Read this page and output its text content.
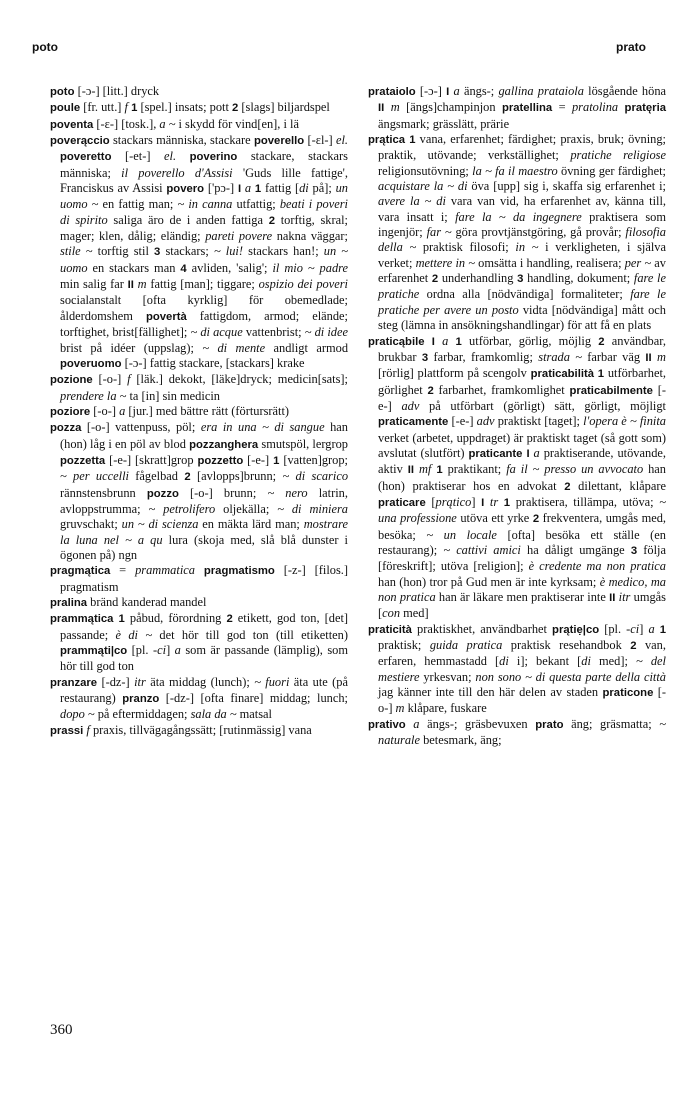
poto	prato

poto [-ɔ-] [litt.] dryck

poule [fr. utt.] f 1 [spel.] insats; pott 2 [slags] biljardspel

poventa [-ɛ-] [tosk.], a ~ i skydd för vind[en], i lä

poverąccio stackars människa, stackare poverello [-ɛl-] el. poveretto [-et-] el. poverino stackare, stackars människa; il poverello d'Assisi 'Guds lille fattige', Franciskus av Assisi povero ['pɔ-] I a 1 fattig [di på]; un uomo ~ en fattig man; ~ in canna utfattig; beati i poveri di spirito saliga äro de i anden fattiga 2 torftig, skral; mager; klen, dålig; eländig; pareti povere nakna väggar; stile ~ torftig stil 3 stackars; ~ lui! stackars han!; un ~ uomo en stackars man 4 avliden, 'salig'; il mio ~ padre min salig far II m fattig [man]; tiggare; ospizio dei poveri socialanstalt [ofta kyrklig] för obemedlade; ålderdomshem povertà fattigdom, armod; elände; torftighet, brist[fällighet]; ~ di acque vattenbrist; ~ di idee brist på idéer (uppslag); ~ di mente andligt armod poveruomo [-ɔ-] fattig stackare, [stackars] krake

pozione [-o-] f [läk.] dekokt, [läke]dryck; medicin[sats]; prendere la ~ ta [in] sin medicin

poziore [-o-] a [jur.] med bättre rätt (förtursrätt)

pozza [-o-] vattenpuss, pöl; era in una ~ di sangue han (hon) låg i en pöl av blod pozzanghera smutspöl, lergrop pozzetta [-e-] [skratt]grop pozzetto [-e-] 1 [vatten]grop; ~ per uccelli fågelbad 2 [avlopps]brunn; ~ di scarico rännstensbrunn pozzo [-o-] brunn; ~ nero latrin, avloppstrumma; ~ petrolifero oljekälla; ~ di miniera gruvschakt; un ~ di scienza en mäkta lärd man; mostrare la luna nel ~ a qu lura (skoja med, slå blå dunster i ögonen på) ngn

pragmątica = prammatica pragmatismo [-z-] [filos.] pragmatism

pralina bränd kanderad mandel

prammątica 1 påbud, förordning 2 etikett, god ton, [det] passande; è di ~ det hör till god ton (till etiketten) prammąti|co [pl. -ci] a som är passande (lämplig), som hör till god ton

pranzare [-dz-] itr äta middag (lunch); ~ fuori äta ute (på restaurang) pranzo [-dz-] [ofta finare] middag; lunch; dopo ~ på eftermiddagen; sala da ~ matsal

prassi f praxis, tillvägagångssätt; [rutinmässig] vana

prataiolo [-ɔ-] I a ängs-; gallina prataiola lösgående höna II m [ängs]champinjon pratellina = pratolina pratęria ängsmark; grässlätt, prärie

prątica 1 vana, erfarenhet; färdighet; praxis, bruk; övning; praktik, utövande; verkställighet; pratiche religiose religionsutövning; la ~ fa il maestro övning ger färdighet; acquistare la ~ di öva [upp] sig i, skaffa sig erfarenhet i; avere la ~ di vara van vid, ha erfarenhet av, känna till, vara insatt i; fare la ~ da ingegnere praktisera som ingenjör; far ~ göra provtjänstgöring, gå provår; filosofia della ~ praktisk filosofi; in ~ i verkligheten, i själva verket; mettere in ~ omsätta i handling, realisera; per ~ av erfarenhet 2 underhandling 3 handling, dokument; fare le pratiche ordna alla [nödvändiga] formaliteter; fare le pratiche per avere un posto vidta [nödvändiga] mått och steg (lämna in ansökningshandlingar) för att få en plats

praticąbile I a 1 utförbar, görlig, möjlig 2 användbar, brukbar 3 farbar, framkomlig; strada ~ farbar väg II m [rörlig] plattform på scengolv praticabilità 1 utförbarhet, görlighet 2 farbarhet, framkomlighet praticabilmente [-e-] adv på utförbart (görligt) sätt, görligt, möjligt praticamente [-e-] adv praktiskt [taget]; l'opera è ~ finita verket (arbetet, uppdraget) är praktiskt taget (så gott som) avslutat (slutfört) praticante I a praktiserande, utövande, aktiv II mf 1 praktikant; fa il ~ presso un avvocato han (hon) praktiserar hos en advokat 2 dilettant, klåpare praticare [prątico] I tr 1 praktisera, tillämpa, utöva; ~ una professione utöva ett yrke 2 frekventera, umgås med, besöka; ~ un locale [ofta] besöka ett ställe (en restaurang); ~ cattivi amici ha dåligt umgänge 3 följa [föreskrift]; utöva [religion]; è credente ma non pratica han (hon) tror på Gud men är inte kyrksam; è medico, ma non pratica han är läkare men praktiserar inte II itr umgås [con med]

praticità praktiskhet, användbarhet prątiẹ|co [pl. -ci] a 1 praktisk; guida pratica praktisk resehandbok 2 van, erfaren, hemmastadd [di i]; bekant [di med]; ~ del mestiere yrkesvan; non sono ~ di questa parte della città jag känner inte till den här delen av staden praticone [-o-] m klåpare, fuskare

prativo a ängs-; gräsbevuxen prato äng; gräsmatta; ~ naturale betesmark, äng;

360
